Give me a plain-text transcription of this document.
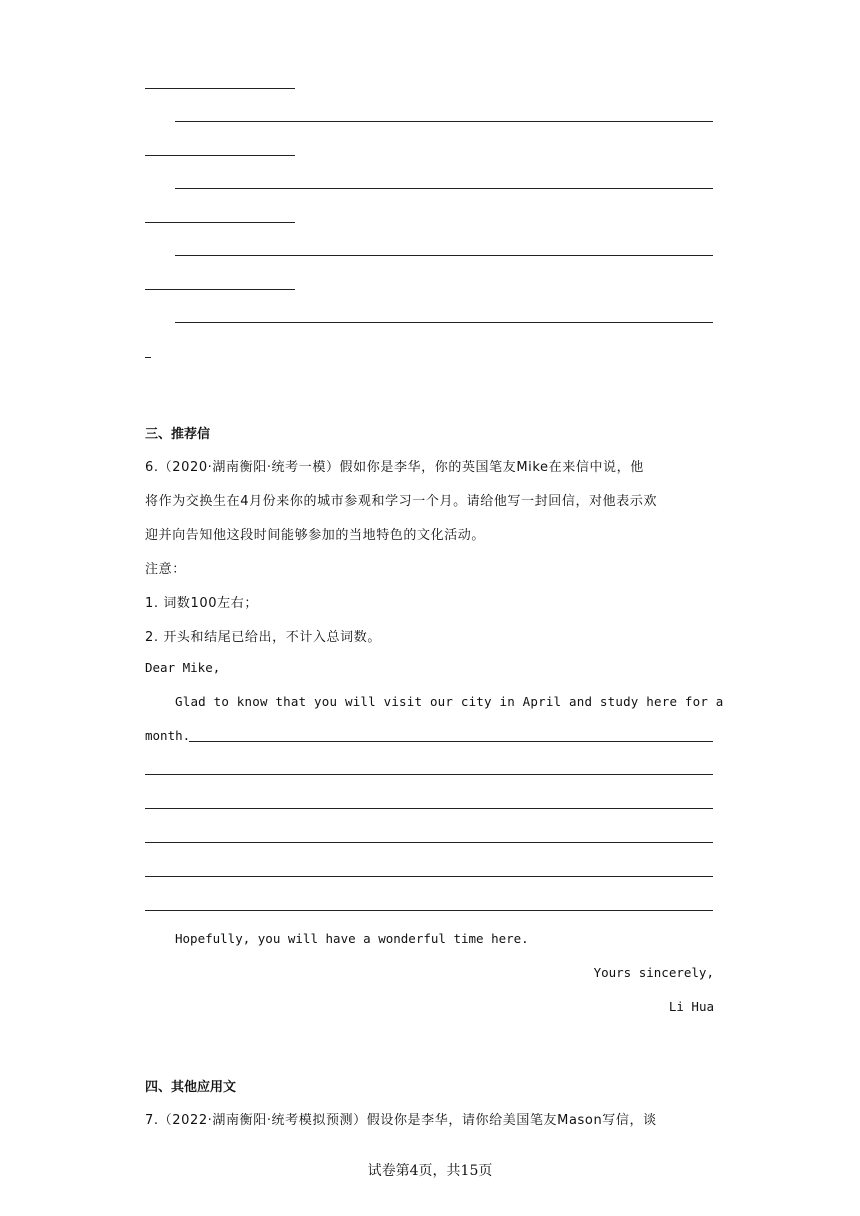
三、推荐信
6.（2020·湖南衡阳·统考一模）假如你是李华，你的英国笔友Mike在来信中说，他
将作为交换生在4月份来你的城市参观和学习一个月。请给他写一封回信，对他表示欢
迎并向告知他这段时间能够参加的当地特色的文化活动。
注意：
1. 词数100左右；
2. 开头和结尾已给出，不计入总词数。
Dear Mike,
Glad to know that you will visit our city in April and study here for a
month.
Hopefully, you will have a wonderful time here.
Yours sincerely,
Li Hua
四、其他应用文
7.（2022·湖南衡阳·统考模拟预测）假设你是李华，请你给美国笔友Mason写信，谈
试卷第4页，共15页
